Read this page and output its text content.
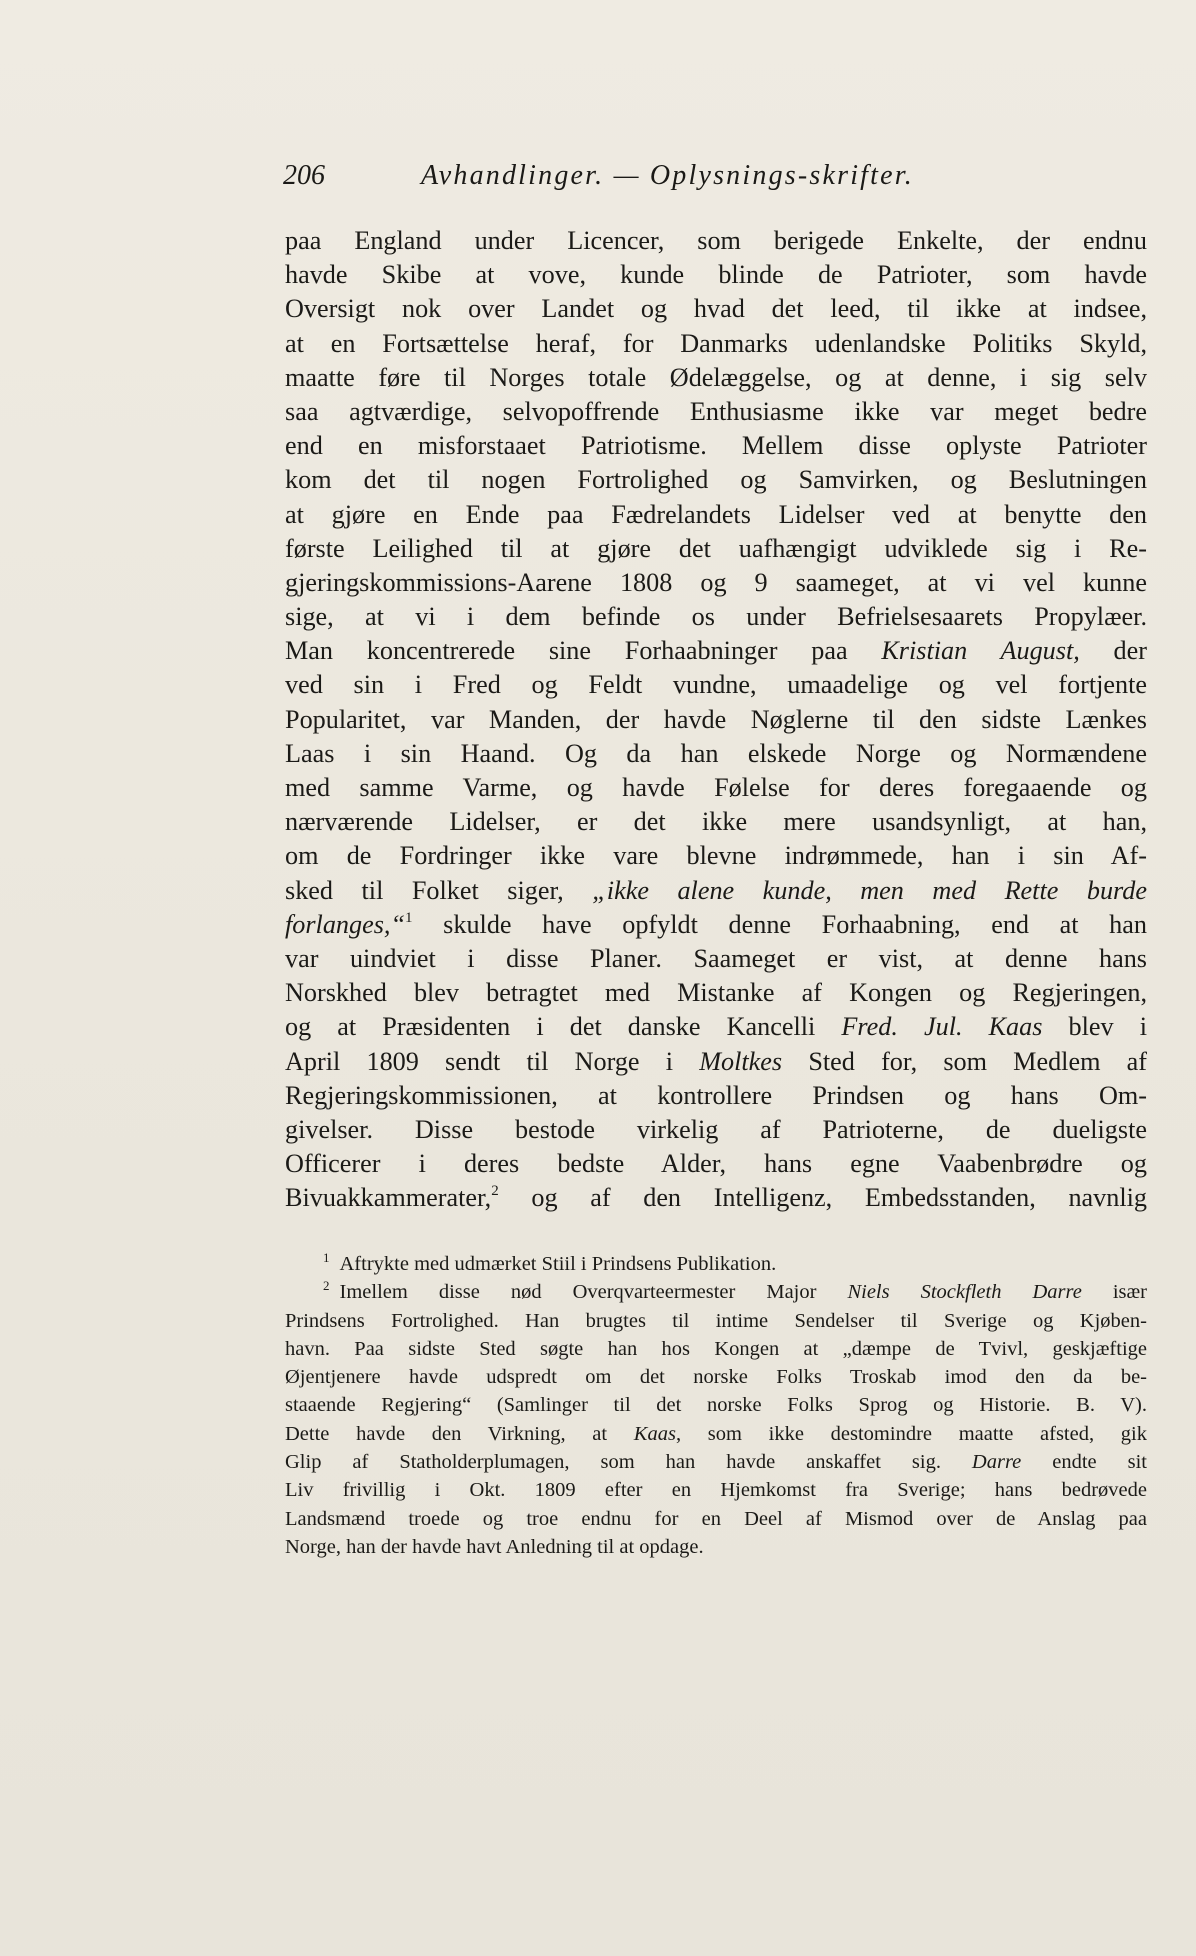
206	Avhandlinger. — Oplysnings-skrifter.
paa England under Licencer, som berigede Enkelte, der endnu
havde Skibe at vove, kunde blinde de Patrioter, som havde
Oversigt nok over Landet og hvad det leed, til ikke at indsee,
at en Fortsættelse heraf, for Danmarks udenlandske Politiks Skyld,
maatte føre til Norges totale Ødelæggelse, og at denne, i sig selv
saa agtværdige, selvopoffrende Enthusiasme ikke var meget bedre
end en misforstaaet Patriotisme. Mellem disse oplyste Patrioter
kom det til nogen Fortrolighed og Samvirken, og Beslutningen
at gjøre en Ende paa Fædrelandets Lidelser ved at benytte den
første Leilighed til at gjøre det uafhængigt udviklede sig i Re-
gjeringskommissions-Aarene 1808 og 9 saameget, at vi vel kunne
sige, at vi i dem befinde os under Befrielsesaarets Propylæer.
Man koncentrerede sine Forhaabninger paa Kristian August, der
ved sin i Fred og Feldt vundne, umaadelige og vel fortjente
Popularitet, var Manden, der havde Nøglerne til den sidste Lænkes
Laas i sin Haand. Og da han elskede Norge og Normændene
med samme Varme, og havde Følelse for deres foregaaende og
nærværende Lidelser, er det ikke mere usandsynligt, at han,
om de Fordringer ikke vare blevne indrømmede, han i sin Af-
sked til Folket siger, „ikke alene kunde, men med Rette burde
forlanges,“$^1$ skulde have opfyldt denne Forhaabning, end at han
var uindviet i disse Planer. Saameget er vist, at denne hans
Norskhed blev betragtet med Mistanke af Kongen og Regjeringen,
og at Præsidenten i det danske Kancelli Fred. Jul. Kaas blev i
April 1809 sendt til Norge i Moltkes Sted for, som Medlem af
Regjeringskommissionen, at kontrollere Prindsen og hans Om-
givelser. Disse bestode virkelig af Patrioterne, de dueligste
Officerer i deres bedste Alder, hans egne Vaabenbrødre og
Bivuakkammerater,$^2$ og af den Intelligenz, Embedsstanden, navnlig
$^1$ Aftrykte med udmærket Stiil i Prindsens Publikation.
$^2$ Imellem disse nød Overqvarteermester Major Niels Stockfleth Darre især
Prindsens Fortrolighed. Han brugtes til intime Sendelser til Sverige og Kjøben-
havn. Paa sidste Sted søgte han hos Kongen at „dæmpe de Tvivl, geskjæftige
Øjentjenere havde udspredt om det norske Folks Troskab imod den da be-
staaende Regjering“ (Samlinger til det norske Folks Sprog og Historie. B. V).
Dette havde den Virkning, at Kaas, som ikke destomindre maatte afsted, gik
Glip af Statholderplumagen, som han havde anskaffet sig. Darre endte sit
Liv frivillig i Okt. 1809 efter en Hjemkomst fra Sverige; hans bedrøvede
Landsmænd troede og troe endnu for en Deel af Mismod over de Anslag paa
Norge, han der havde havt Anledning til at opdage.
